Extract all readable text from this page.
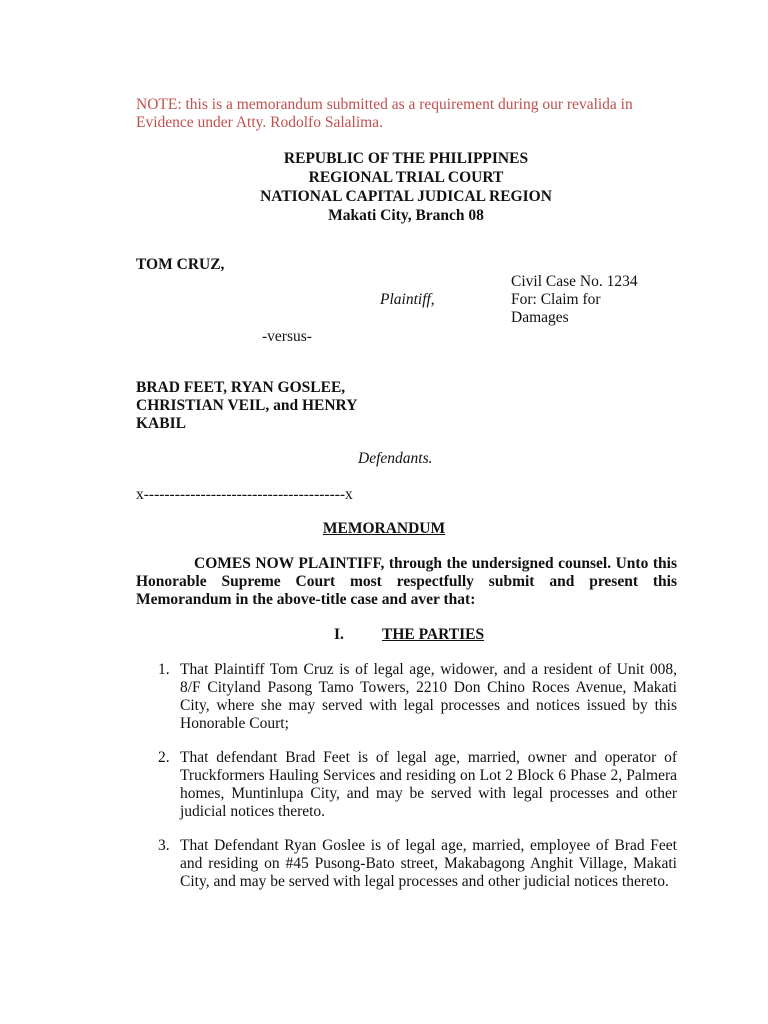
NOTE: this is a memorandum submitted as a requirement during our revalida in Evidence under Atty. Rodolfo Salalima.
REPUBLIC OF THE PHILIPPINES
REGIONAL TRIAL COURT
NATIONAL CAPITAL JUDICAL REGION
Makati City, Branch 08
TOM CRUZ,
Civil Case No. 1234
Plaintiff,	For: Claim for Damages
-versus-
BRAD FEET, RYAN GOSLEE, CHRISTIAN VEIL, and HENRY KABIL
Defendants.
x---------------------------------------x
MEMORANDUM
COMES NOW PLAINTIFF, through the undersigned counsel. Unto this Honorable Supreme Court most respectfully submit and present this Memorandum in the above-title case and aver that:
I. THE PARTIES
1. That Plaintiff Tom Cruz is of legal age, widower, and a resident of Unit 008, 8/F Cityland Pasong Tamo Towers, 2210 Don Chino Roces Avenue, Makati City, where she may served with legal processes and notices issued by this Honorable Court;
2. That defendant Brad Feet is of legal age, married, owner and operator of Truckformers Hauling Services and residing on Lot 2 Block 6 Phase 2, Palmera homes, Muntinlupa City, and may be served with legal processes and other judicial notices thereto.
3. That Defendant Ryan Goslee is of legal age, married, employee of Brad Feet and residing on #45 Pusong-Bato street, Makabagong Anghit Village, Makati City, and may be served with legal processes and other judicial notices thereto.
